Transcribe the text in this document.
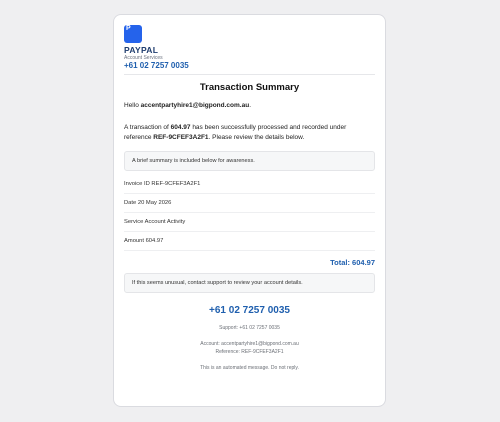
P
PAYPAL
Account Services
+61 02 7257 0035
Transaction Summary
Hello accentpartyhire1@bigpond.com.au.
A transaction of 604.97 has been successfully processed and recorded under reference REF-9CFEF3A2F1. Please review the details below.
A brief summary is included below for awareness.
Invoice ID REF-9CFEF3A2F1
Date 20 May 2026
Service Account Activity
Amount 604.97
Total: 604.97
If this seems unusual, contact support to review your account details.
+61 02 7257 0035
Support: +61 02 7257 0035
Account: accentpartyhire1@bigpond.com.au
Reference: REF-9CFEF3A2F1
This is an automated message. Do not reply.
